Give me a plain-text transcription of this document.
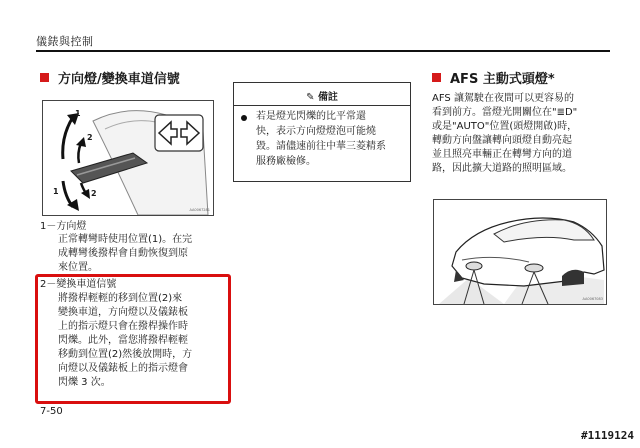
儀錶與控制
方向燈/變換車道信號
1
2
2
1
AA0067281
1－方向燈
正常轉彎時使用位置(1)。在完
成轉彎後撥桿會自動恢復到原
來位置。
2－變換車道信號
將撥桿輕輕的移到位置(2)來
變換車道，方向燈以及儀錶板
上的指示燈只會在撥桿操作時
閃爍。此外，當您將撥桿輕輕
移動到位置(2)然後放開時，方
向燈以及儀錶板上的指示燈會
閃爍 3 次。
7-50
✎ 備註
若是燈光閃爍的比平常還
快，表示方向燈燈泡可能燒
毀。請儘速前往中華三菱精系
服務廠檢修。
AFS 主動式頭燈*
AFS 讓駕駛在夜間可以更容易的
看到前方。當燈光開關位在"≣D"
或是"AUTO"位置(頭燈開啟)時，
轉動方向盤讓轉向頭燈自動亮起
並且照亮車輛正在轉彎方向的道
路，因此擴大道路的照明區域。
AA0067083
#1119124
